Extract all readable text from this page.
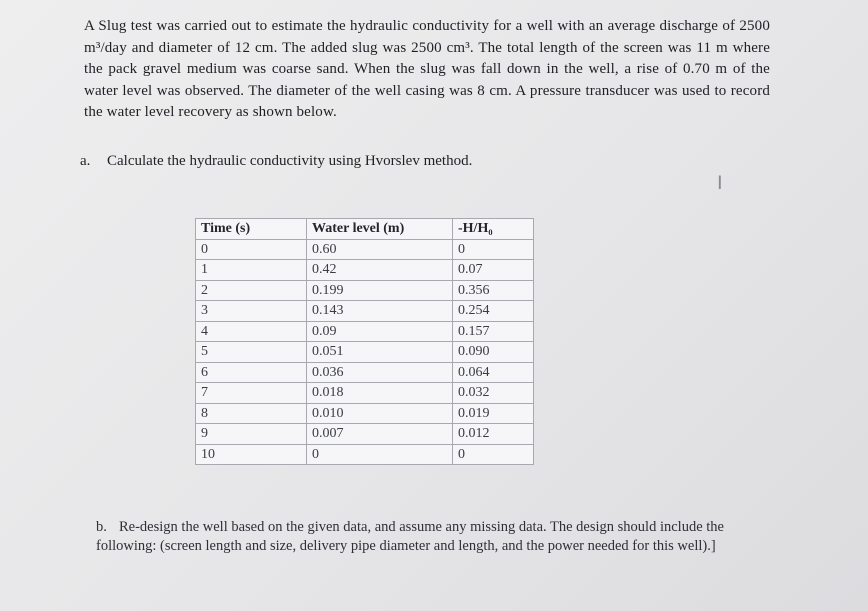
A Slug test was carried out to estimate the hydraulic conductivity for a well with an average discharge of 2500 m³/day and diameter of 12 cm. The added slug was 2500 cm³. The total length of the screen was 11 m where the pack gravel medium was coarse sand. When the slug was fall down in the well, a rise of 0.70 m of the water level was observed. The diameter of the well casing was 8 cm. A pressure transducer was used to record the water level recovery as shown below.
a. Calculate the hydraulic conductivity using Hvorslev method.
I
Time (s)	Water level (m)	-H/H₀
0	0.60	0
1	0.42	0.07
2	0.199	0.356
3	0.143	0.254
4	0.09	0.157
5	0.051	0.090
6	0.036	0.064
7	0.018	0.032
8	0.010	0.019
9	0.007	0.012
10	0	0
b. Re-design the well based on the given data, and assume any missing data. The design should include the following: (screen length and size, delivery pipe diameter and length, and the power needed for this well).]
